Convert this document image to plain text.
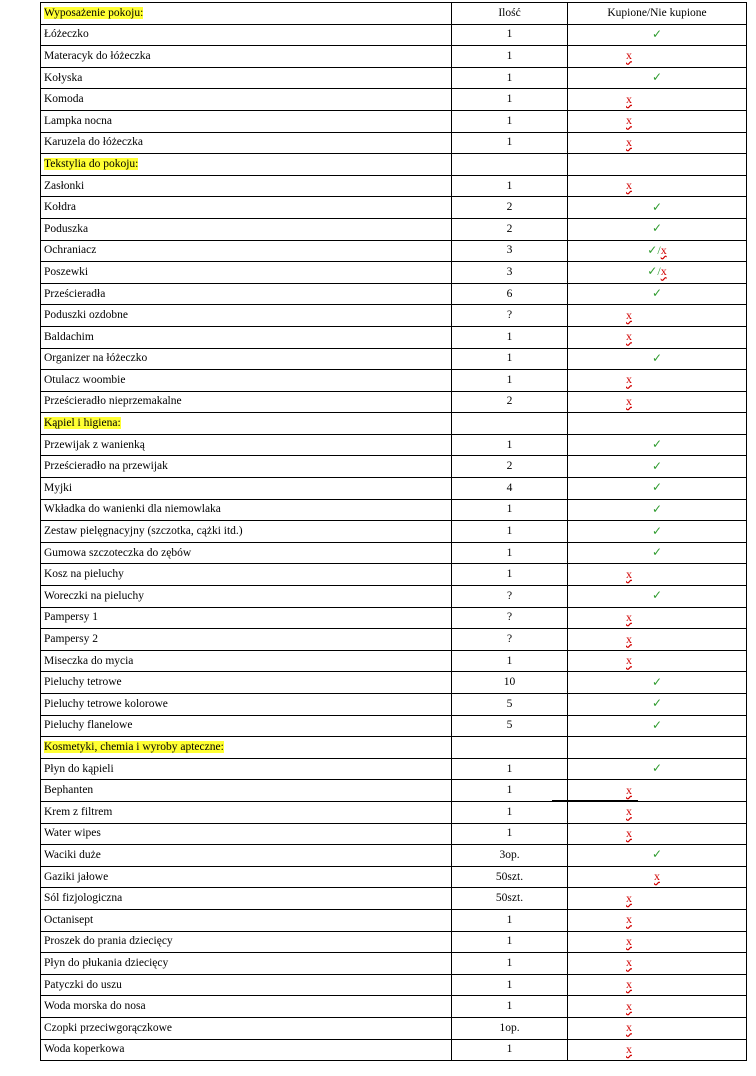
Wyposażenie pokoju:	Ilość	Kupione/Nie kupione
Łóżeczko	1	✓
Materacyk do łóżeczka	1	x
Kołyska	1	✓
Komoda	1	x
Lampka nocna	1	x
Karuzela do łóżeczka	1	x
Tekstylia do pokoju:		
Zasłonki	1	x
Kołdra	2	✓
Poduszka	2	✓
Ochraniacz	3	✓/x
Poszewki	3	✓/x
Prześcieradła	6	✓
Poduszki ozdobne	?	x
Baldachim	1	x
Organizer na łóżeczko	1	✓
Otulacz woombie	1	x
Prześcieradło nieprzemakalne	2	x
Kąpiel i higiena:		
Przewijak z wanienką	1	✓
Prześcieradło na przewijak	2	✓
Myjki	4	✓
Wkładka do wanienki dla niemowlaka	1	✓
Zestaw pielęgnacyjny (szczotka, cążki itd.)	1	✓
Gumowa szczoteczka do zębów	1	✓
Kosz na pieluchy	1	x
Woreczki na pieluchy	?	✓
Pampersy 1	?	x
Pampersy 2	?	x
Miseczka do mycia	1	x
Pieluchy tetrowe	10	✓
Pieluchy tetrowe kolorowe	5	✓
Pieluchy flanelowe	5	✓
Kosmetyki, chemia i wyroby apteczne:		
Płyn do kąpieli	1	✓
Bephanten	1	x
Krem z filtrem	1	x
Water wipes	1	x
Waciki duże	3op.	✓
Gaziki jałowe	50szt.	x
Sól fizjologiczna	50szt.	x
Octanisept	1	x
Proszek do prania dziecięcy	1	x
Płyn do płukania dziecięcy	1	x
Patyczki do uszu	1	x
Woda morska do nosa	1	x
Czopki przeciwgorączkowe	1op.	x
Woda koperkowa	1	x
